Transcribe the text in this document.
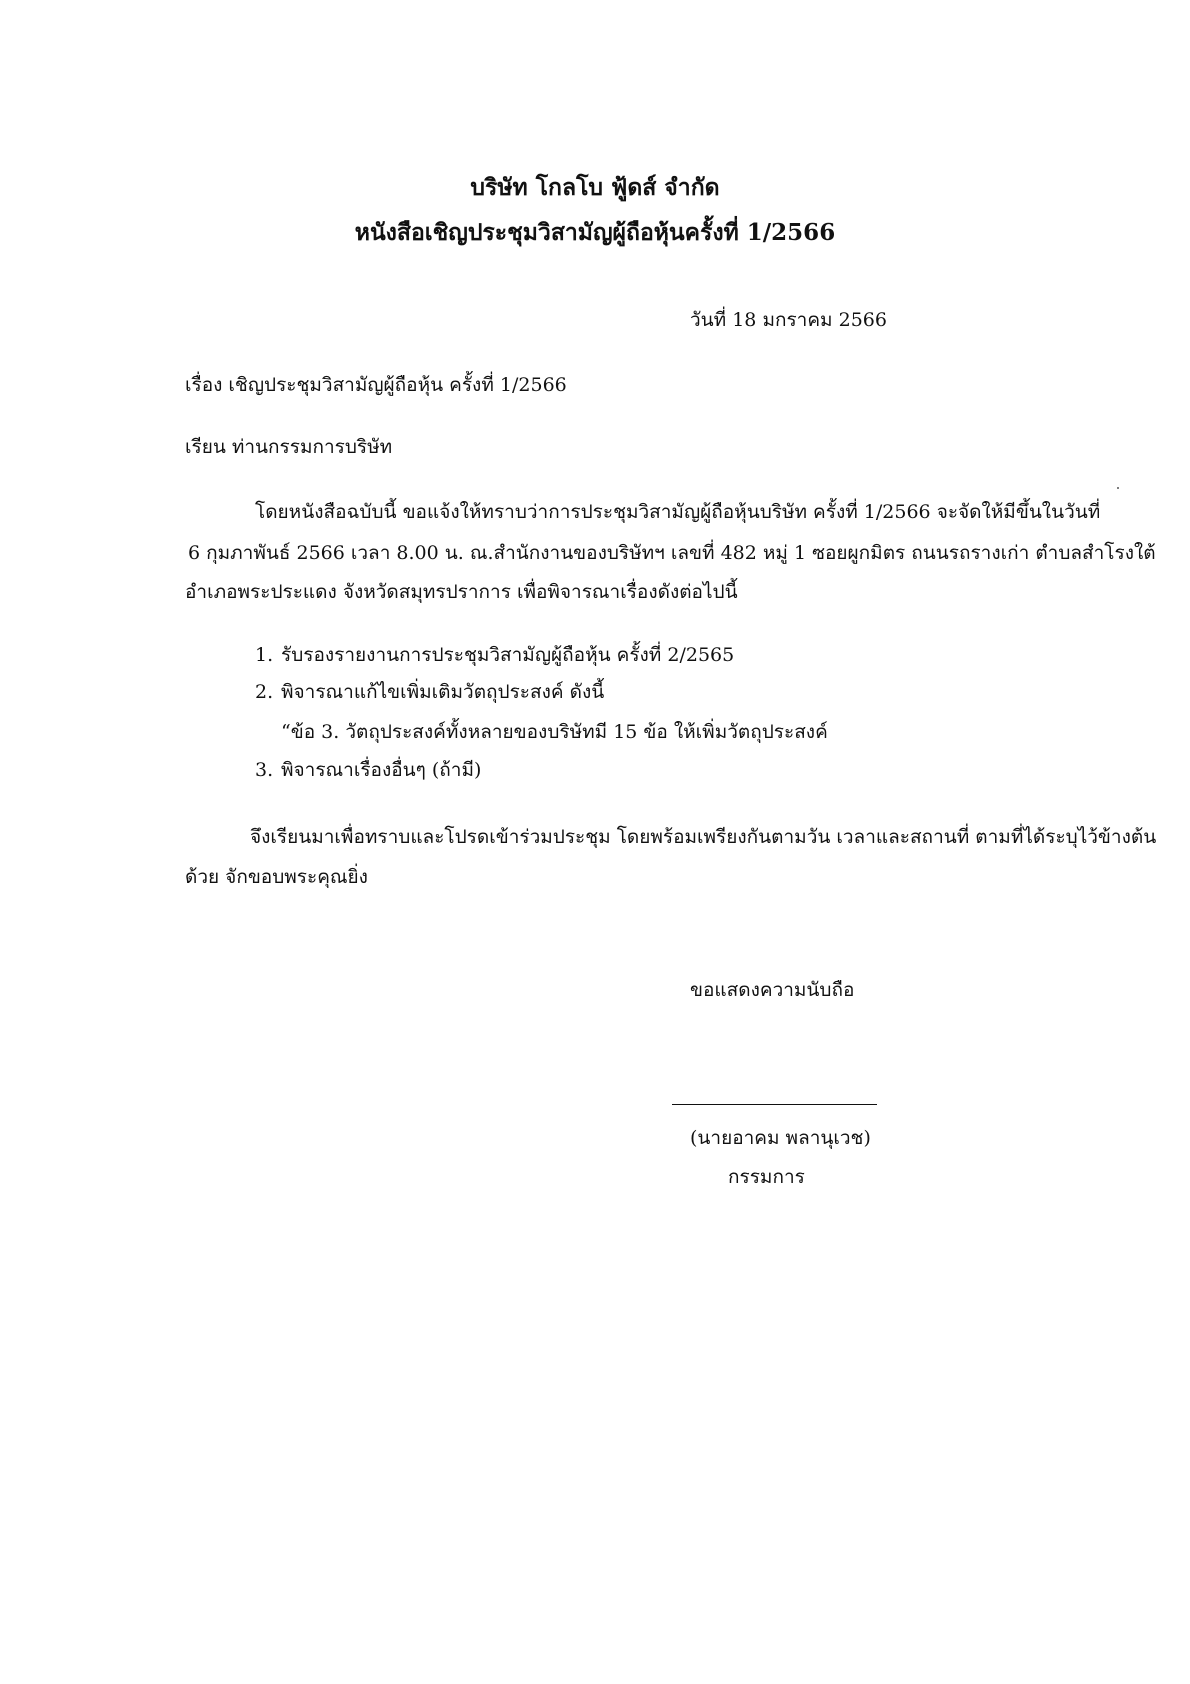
บริษัท โกลโบ ฟู้ดส์ จำกัด
หนังสือเชิญประชุมวิสามัญผู้ถือหุ้นครั้งที่ 1/2566
วันที่ 18 มกราคม 2566
เรื่อง เชิญประชุมวิสามัญผู้ถือหุ้น ครั้งที่ 1/2566
เรียน ท่านกรรมการบริษัท
โดยหนังสือฉบับนี้ ขอแจ้งให้ทราบว่าการประชุมวิสามัญผู้ถือหุ้นบริษัท ครั้งที่ 1/2566 จะจัดให้มีขึ้นในวันที่
6 กุมภาพันธ์ 2566 เวลา 8.00 น. ณ.สำนักงานของบริษัทฯ เลขที่ 482 หมู่ 1 ซอยผูกมิตร ถนนรถรางเก่า ตำบลสำโรงใต้
อำเภอพระประแดง จังหวัดสมุทรปราการ เพื่อพิจารณาเรื่องดังต่อไปนี้
1. รับรองรายงานการประชุมวิสามัญผู้ถือหุ้น ครั้งที่ 2/2565
2. พิจารณาแก้ไขเพิ่มเติมวัตถุประสงค์ ดังนี้
“ข้อ 3. วัตถุประสงค์ทั้งหลายของบริษัทมี 15 ข้อ ให้เพิ่มวัตถุประสงค์
3. พิจารณาเรื่องอื่นๆ (ถ้ามี)
จึงเรียนมาเพื่อทราบและโปรดเข้าร่วมประชุม โดยพร้อมเพรียงกันตามวัน เวลาและสถานที่ ตามที่ได้ระบุไว้ข้างต้น
ด้วย จักขอบพระคุณยิ่ง
ขอแสดงความนับถือ
(นายอาคม พลานุเวช)
กรรมการ
